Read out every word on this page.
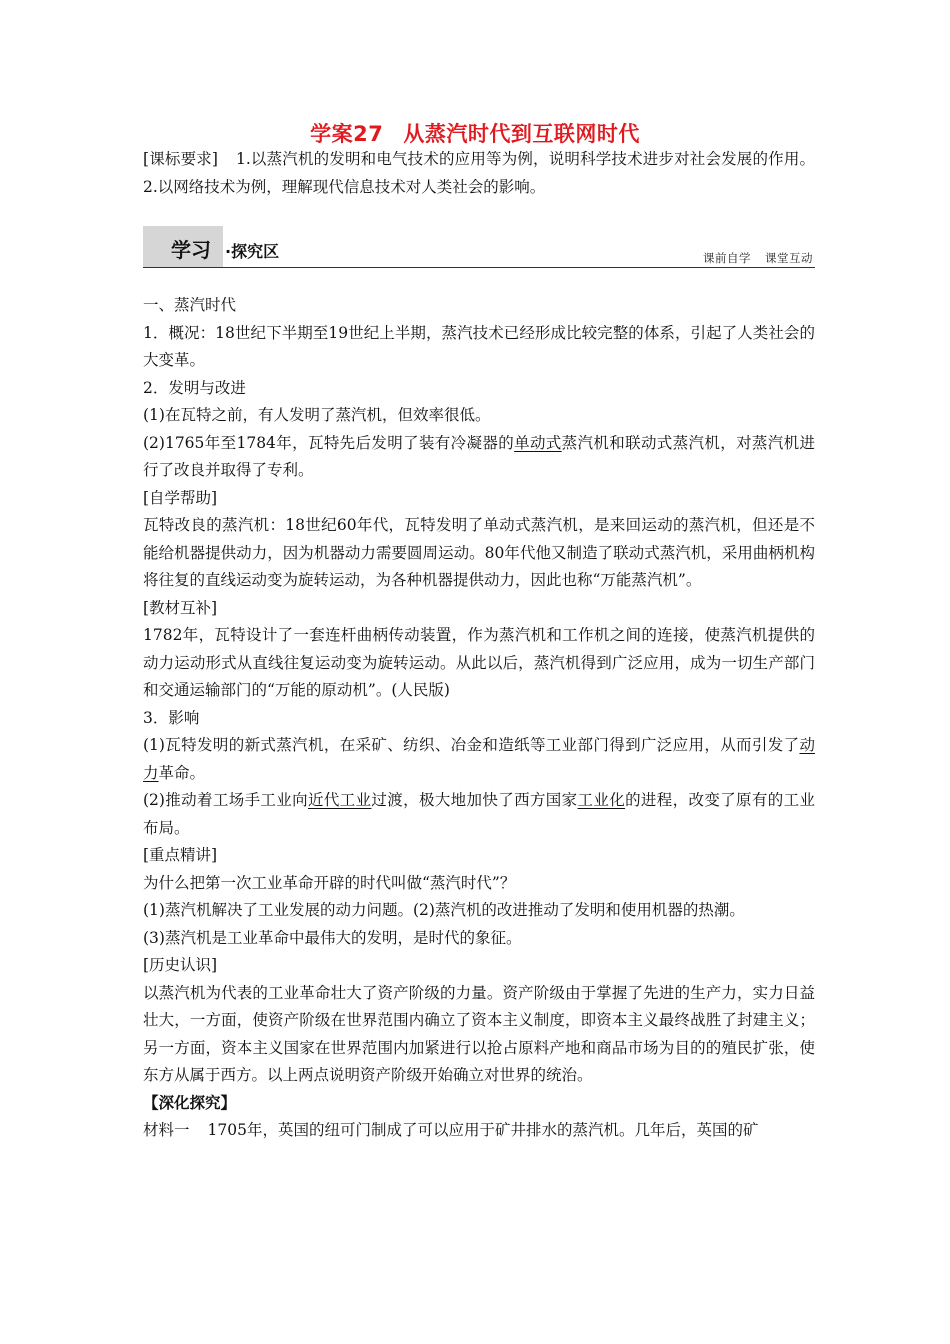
学案27 从蒸汽时代到互联网时代
[课标要求] 1.以蒸汽机的发明和电气技术的应用等为例，说明科学技术进步对社会发展的作用。2.以网络技术为例，理解现代信息技术对人类社会的影响。
学习 ·探究区	课前自学 课堂互动

一、蒸汽时代

1．概况：18世纪下半期至19世纪上半期，蒸汽技术已经形成比较完整的体系，引起了人类社会的大变革。

2．发明与改进

(1)在瓦特之前，有人发明了蒸汽机，但效率很低。

(2)1765年至1784年，瓦特先后发明了装有冷凝器的单动式蒸汽机和联动式蒸汽机，对蒸汽机进行了改良并取得了专利。

[自学帮助]

瓦特改良的蒸汽机：18世纪60年代，瓦特发明了单动式蒸汽机，是来回运动的蒸汽机，但还是不能给机器提供动力，因为机器动力需要圆周运动。80年代他又制造了联动式蒸汽机，采用曲柄机构将往复的直线运动变为旋转运动，为各种机器提供动力，因此也称“万能蒸汽机”。

[教材互补]

1782年，瓦特设计了一套连杆曲柄传动装置，作为蒸汽机和工作机之间的连接，使蒸汽机提供的动力运动形式从直线往复运动变为旋转运动。从此以后，蒸汽机得到广泛应用，成为一切生产部门和交通运输部门的“万能的原动机”。(人民版)

3．影响

(1)瓦特发明的新式蒸汽机，在采矿、纺织、冶金和造纸等工业部门得到广泛应用，从而引发了动力革命。

(2)推动着工场手工业向近代工业过渡，极大地加快了西方国家工业化的进程，改变了原有的工业布局。

[重点精讲]

为什么把第一次工业革命开辟的时代叫做“蒸汽时代”？

(1)蒸汽机解决了工业发展的动力问题。(2)蒸汽机的改进推动了发明和使用机器的热潮。

(3)蒸汽机是工业革命中最伟大的发明，是时代的象征。

[历史认识]

以蒸汽机为代表的工业革命壮大了资产阶级的力量。资产阶级由于掌握了先进的生产力，实力日益壮大，一方面，使资产阶级在世界范围内确立了资本主义制度，即资本主义最终战胜了封建主义；另一方面，资本主义国家在世界范围内加紧进行以抢占原料产地和商品市场为目的的殖民扩张，使东方从属于西方。以上两点说明资产阶级开始确立对世界的统治。

【深化探究】

材料一 1705年，英国的纽可门制成了可以应用于矿井排水的蒸汽机。几年后，英国的矿
